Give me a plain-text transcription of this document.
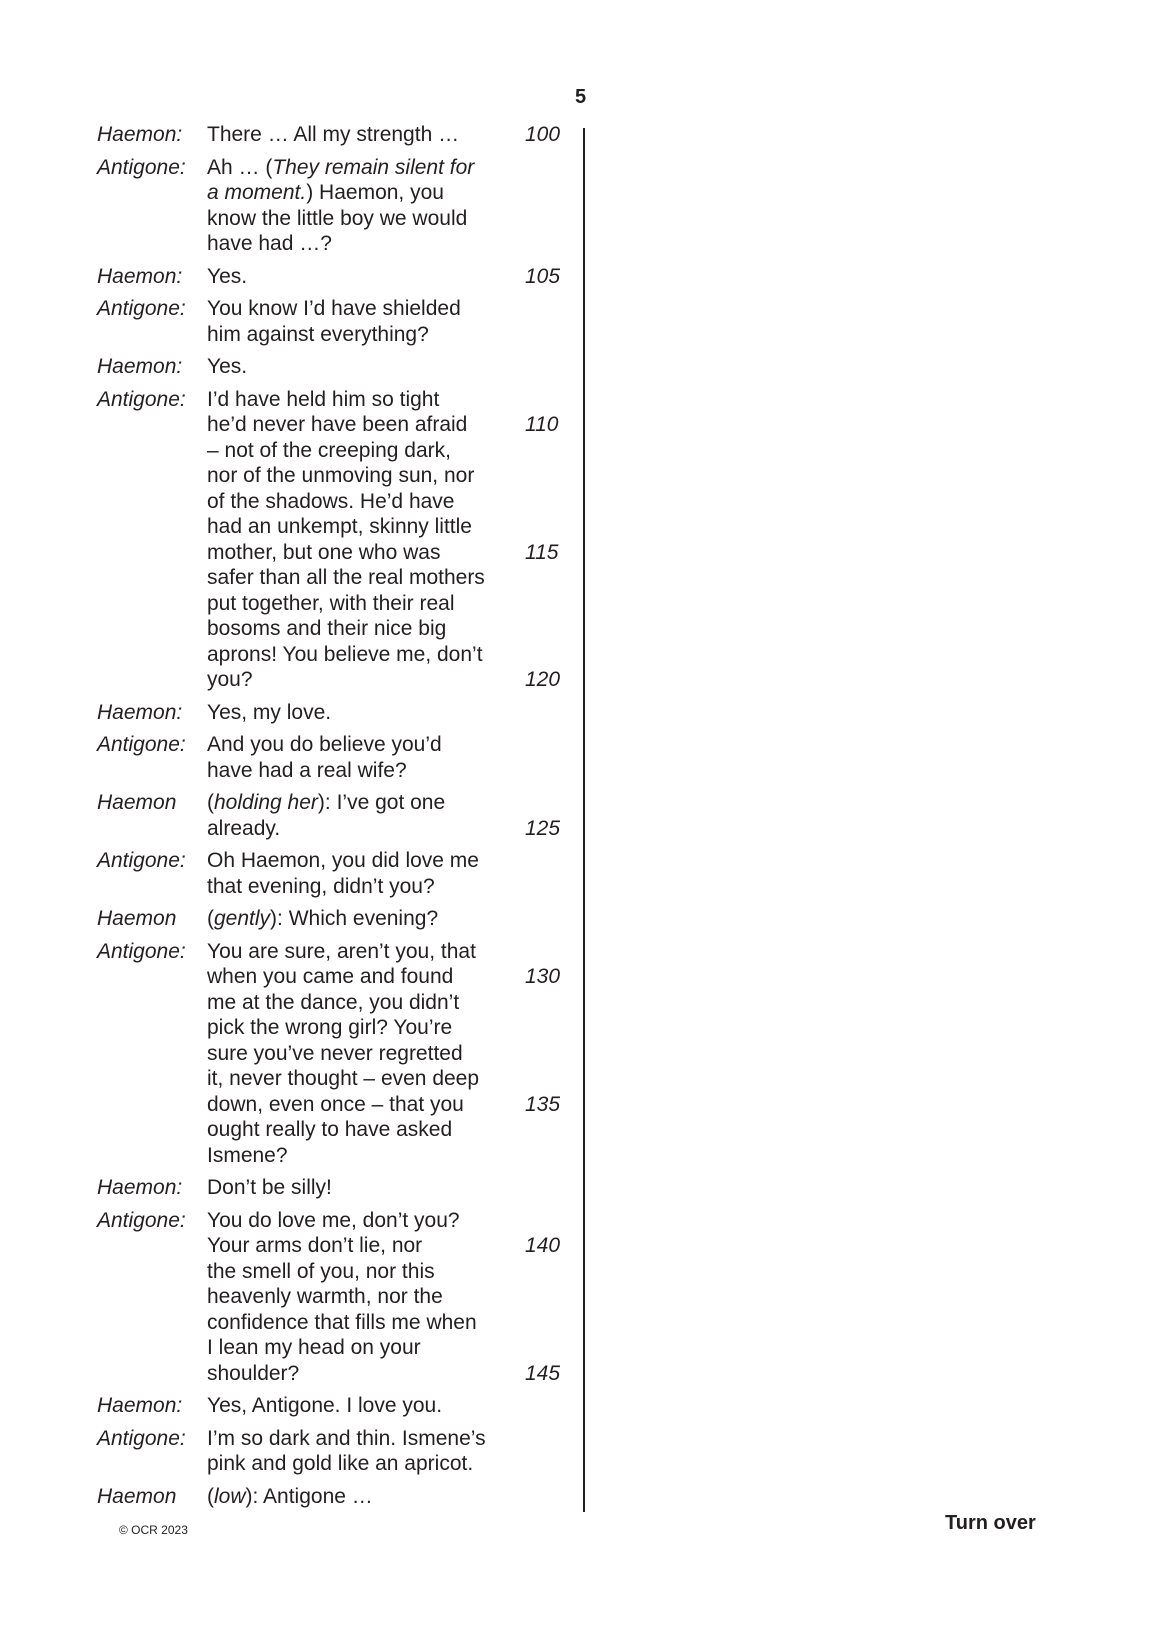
5
Haemon:	There … All my strength …	100
Antigone:	Ah … (They remain silent for
a moment.) Haemon, you
know the little boy we would
have had …?
Haemon:	Yes.	105
Antigone:	You know I’d have shielded
him against everything?
Haemon:	Yes.
Antigone:	I’d have held him so tight
he’d never have been afraid	110
– not of the creeping dark,
nor of the unmoving sun, nor
of the shadows. He’d have
had an unkempt, skinny little
mother, but one who was	115
safer than all the real mothers
put together, with their real
bosoms and their nice big
aprons! You believe me, don’t
you?	120
Haemon:	Yes, my love.
Antigone:	And you do believe you’d
have had a real wife?
Haemon	(holding her): I’ve got one
already.	125
Antigone:	Oh Haemon, you did love me
that evening, didn’t you?
Haemon	(gently): Which evening?
Antigone:	You are sure, aren’t you, that
when you came and found	130
me at the dance, you didn’t
pick the wrong girl? You’re
sure you’ve never regretted
it, never thought – even deep
down, even once – that you	135
ought really to have asked
Ismene?
Haemon:	Don’t be silly!
Antigone:	You do love me, don’t you?
Your arms don’t lie, nor	140
the smell of you, nor this
heavenly warmth, nor the
confidence that fills me when
I lean my head on your
shoulder?	145
Haemon:	Yes, Antigone. I love you.
Antigone:	I’m so dark and thin. Ismene’s
pink and gold like an apricot.
Haemon	(low): Antigone …
© OCR 2023	Turn over
